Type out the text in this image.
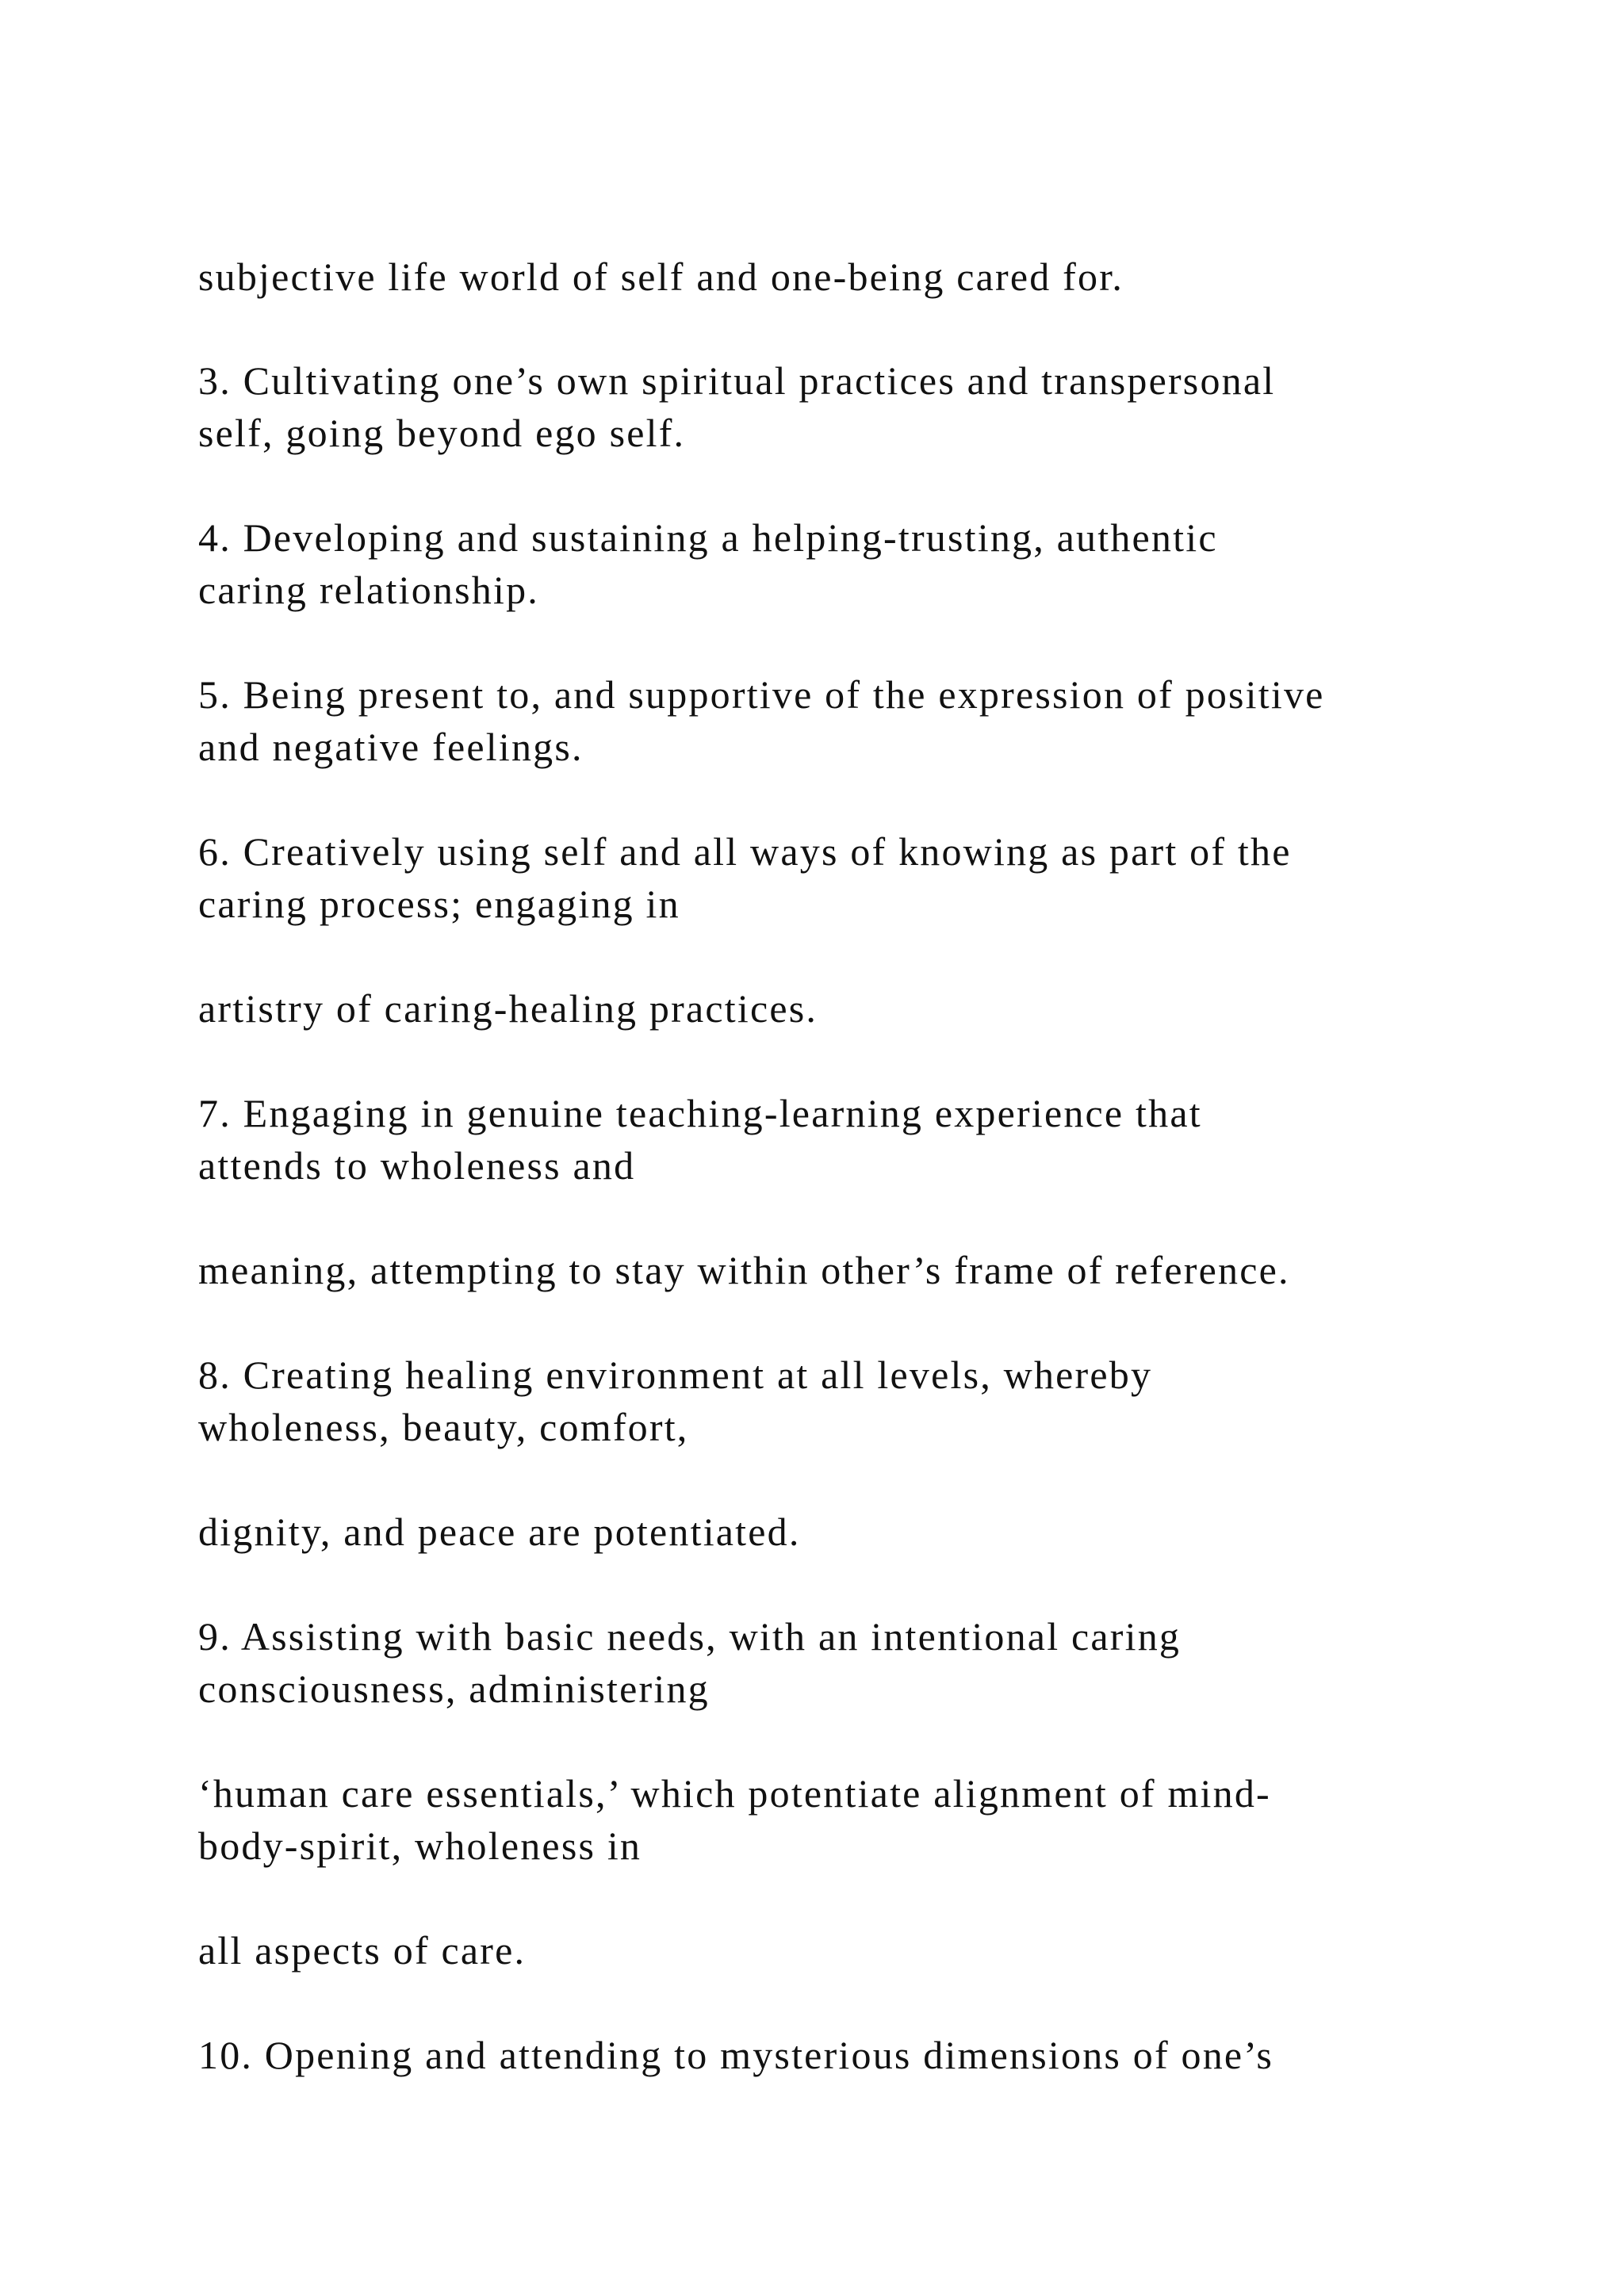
subjective life world of self and one-being cared for.

3. Cultivating one’s own spiritual practices and transpersonal
self, going beyond ego self.

4. Developing and sustaining a helping-trusting, authentic
caring relationship.

5. Being present to, and supportive of the expression of positive
and negative feelings.

6. Creatively using self and all ways of knowing as part of the
caring process; engaging in

artistry of caring-healing practices.

7. Engaging in genuine teaching-learning experience that
attends to wholeness and

meaning, attempting to stay within other’s frame of reference.

8. Creating healing environment at all levels, whereby
wholeness, beauty, comfort,

dignity, and peace are potentiated.

9. Assisting with basic needs, with an intentional caring
consciousness, administering

‘human care essentials,’ which potentiate alignment of mind-
body-spirit, wholeness in

all aspects of care.

10. Opening and attending to mysterious dimensions of one’s
